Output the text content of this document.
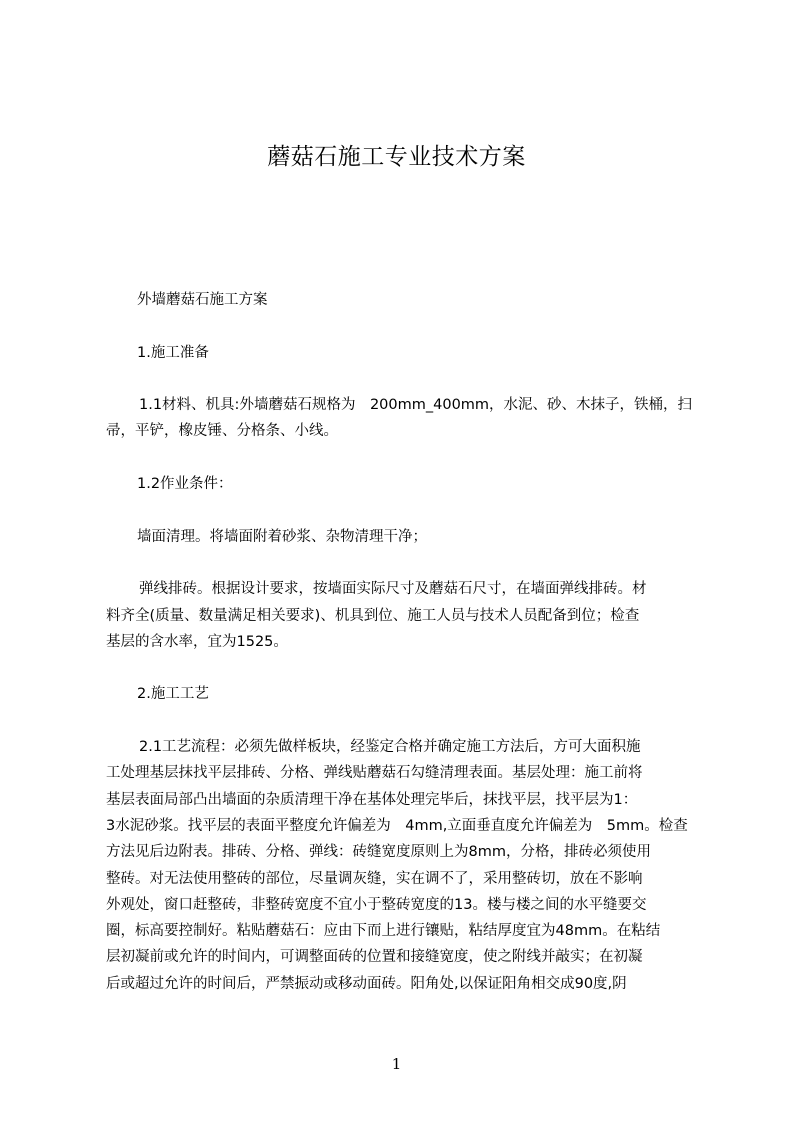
蘑菇石施工专业技术方案
外墙蘑菇石施工方案
1.施工准备
1.1材料、机具:外墙蘑菇石规格为　200mm_400mm，水泥、砂、木抹子，铁桶，扫
帚，平铲，橡皮锤、分格条、小线。
1.2作业条件：
墙面清理。将墙面附着砂浆、杂物清理干净；
弹线排砖。根据设计要求，按墙面实际尺寸及蘑菇石尺寸，在墙面弹线排砖。材
料齐全(质量、数量满足相关要求)、机具到位、施工人员与技术人员配备到位；检查
基层的含水率，宜为1525。
2.施工工艺
2.1工艺流程：必须先做样板块，经鉴定合格并确定施工方法后，方可大面积施
工处理基层抹找平层排砖、分格、弹线贴蘑菇石勾缝清理表面。基层处理：施工前将
基层表面局部凸出墙面的杂质清理干净在基体处理完毕后，抹找平层，找平层为1：
3水泥砂浆。找平层的表面平整度允许偏差为　4mm,立面垂直度允许偏差为　5mm。检查
方法见后边附表。排砖、分格、弹线：砖缝宽度原则上为8mm，分格，排砖必须使用
整砖。对无法使用整砖的部位，尽量调灰缝，实在调不了，采用整砖切，放在不影响
外观处，窗口赶整砖，非整砖宽度不宜小于整砖宽度的13。楼与楼之间的水平缝要交
圈，标高要控制好。粘贴蘑菇石：应由下而上进行镶贴，粘结厚度宜为48mm。在粘结
层初凝前或允许的时间内，可调整面砖的位置和接缝宽度，使之附线并敲实；在初凝
后或超过允许的时间后，严禁振动或移动面砖。阳角处,以保证阳角相交成90度,阴
1
